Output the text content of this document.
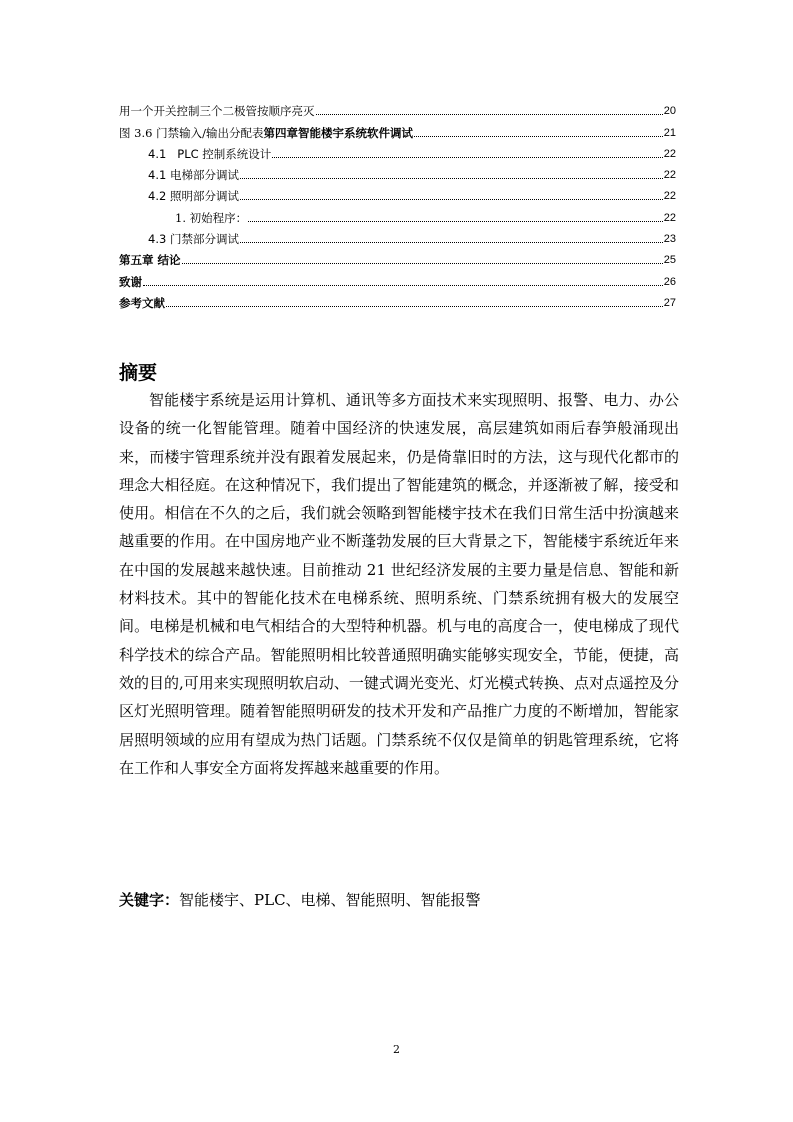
用一个开关控制三个二极管按顺序亮灭	20
图 3.6 门禁输入/输出分配表第四章智能楼宇系统软件调试	21
4.1   PLC 控制系统设计	22
4.1 电梯部分调试	22
4.2 照明部分调试	22
1. 初始程序：	22
4.3 门禁部分调试	23
第五章 结论	25
致谢	26
参考文献	27
摘要
智能楼宇系统是运用计算机、通讯等多方面技术来实现照明、报警、电力、办公设备的统一化智能管理。随着中国经济的快速发展，高层建筑如雨后春笋般涌现出来，而楼宇管理系统并没有跟着发展起来，仍是倚靠旧时的方法，这与现代化都市的理念大相径庭。在这种情况下，我们提出了智能建筑的概念，并逐渐被了解，接受和使用。相信在不久的之后，我们就会领略到智能楼宇技术在我们日常生活中扮演越来越重要的作用。在中国房地产业不断蓬勃发展的巨大背景之下，智能楼宇系统近年来在中国的发展越来越快速。目前推动 21 世纪经济发展的主要力量是信息、智能和新材料技术。其中的智能化技术在电梯系统、照明系统、门禁系统拥有极大的发展空间。电梯是机械和电气相结合的大型特种机器。机与电的高度合一，使电梯成了现代科学技术的综合产品。智能照明相比较普通照明确实能够实现安全，节能，便捷，高效的目的,可用来实现照明软启动、一键式调光变光、灯光模式转换、点对点遥控及分区灯光照明管理。随着智能照明研发的技术开发和产品推广力度的不断增加，智能家居照明领域的应用有望成为热门话题。门禁系统不仅仅是简单的钥匙管理系统，它将在工作和人事安全方面将发挥越来越重要的作用。
关键字：智能楼宇、PLC、电梯、智能照明、智能报警
2
